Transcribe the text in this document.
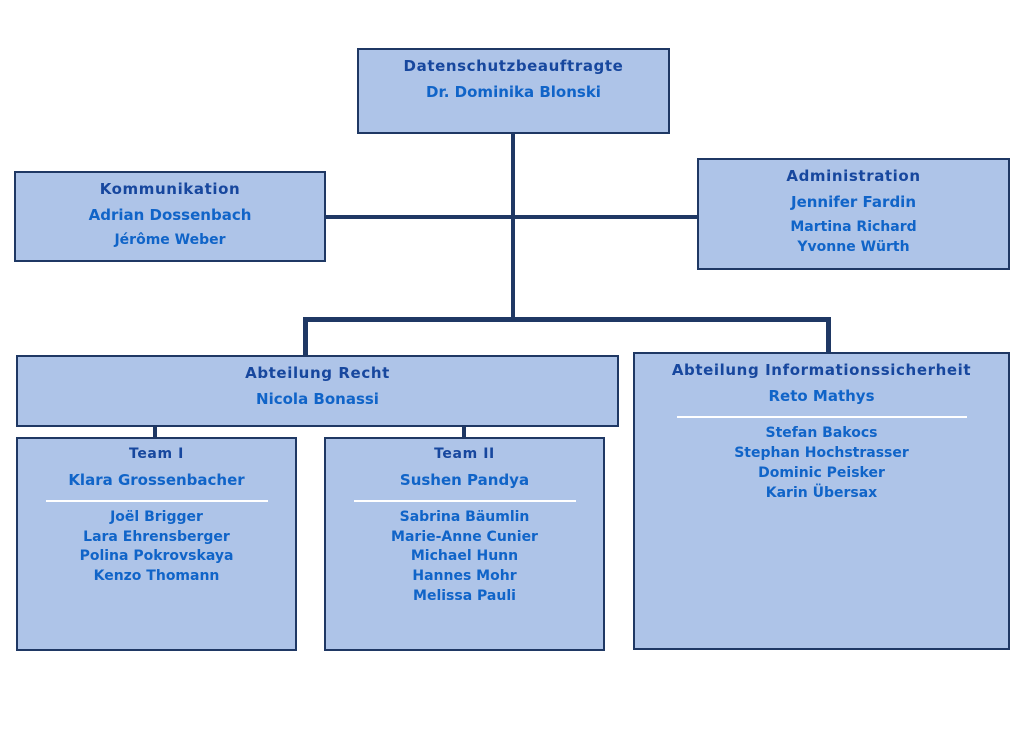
Datenschutzbeauftragte
Dr. Dominika Blonski
Kommunikation
Adrian Dossenbach
Jérôme Weber
Administration
Jennifer Fardin
Martina Richard
Yvonne Würth
Abteilung Recht
Nicola Bonassi
Abteilung Informationssicherheit
Reto Mathys
Stefan Bakocs
Stephan Hochstrasser
Dominic Peisker
Karin Übersax
Team I
Klara Grossenbacher
Joël Brigger
Lara Ehrensberger
Polina Pokrovskaya
Kenzo Thomann
Team II
Sushen Pandya
Sabrina Bäumlin
Marie-Anne Cunier
Michael Hunn
Hannes Mohr
Melissa Pauli
